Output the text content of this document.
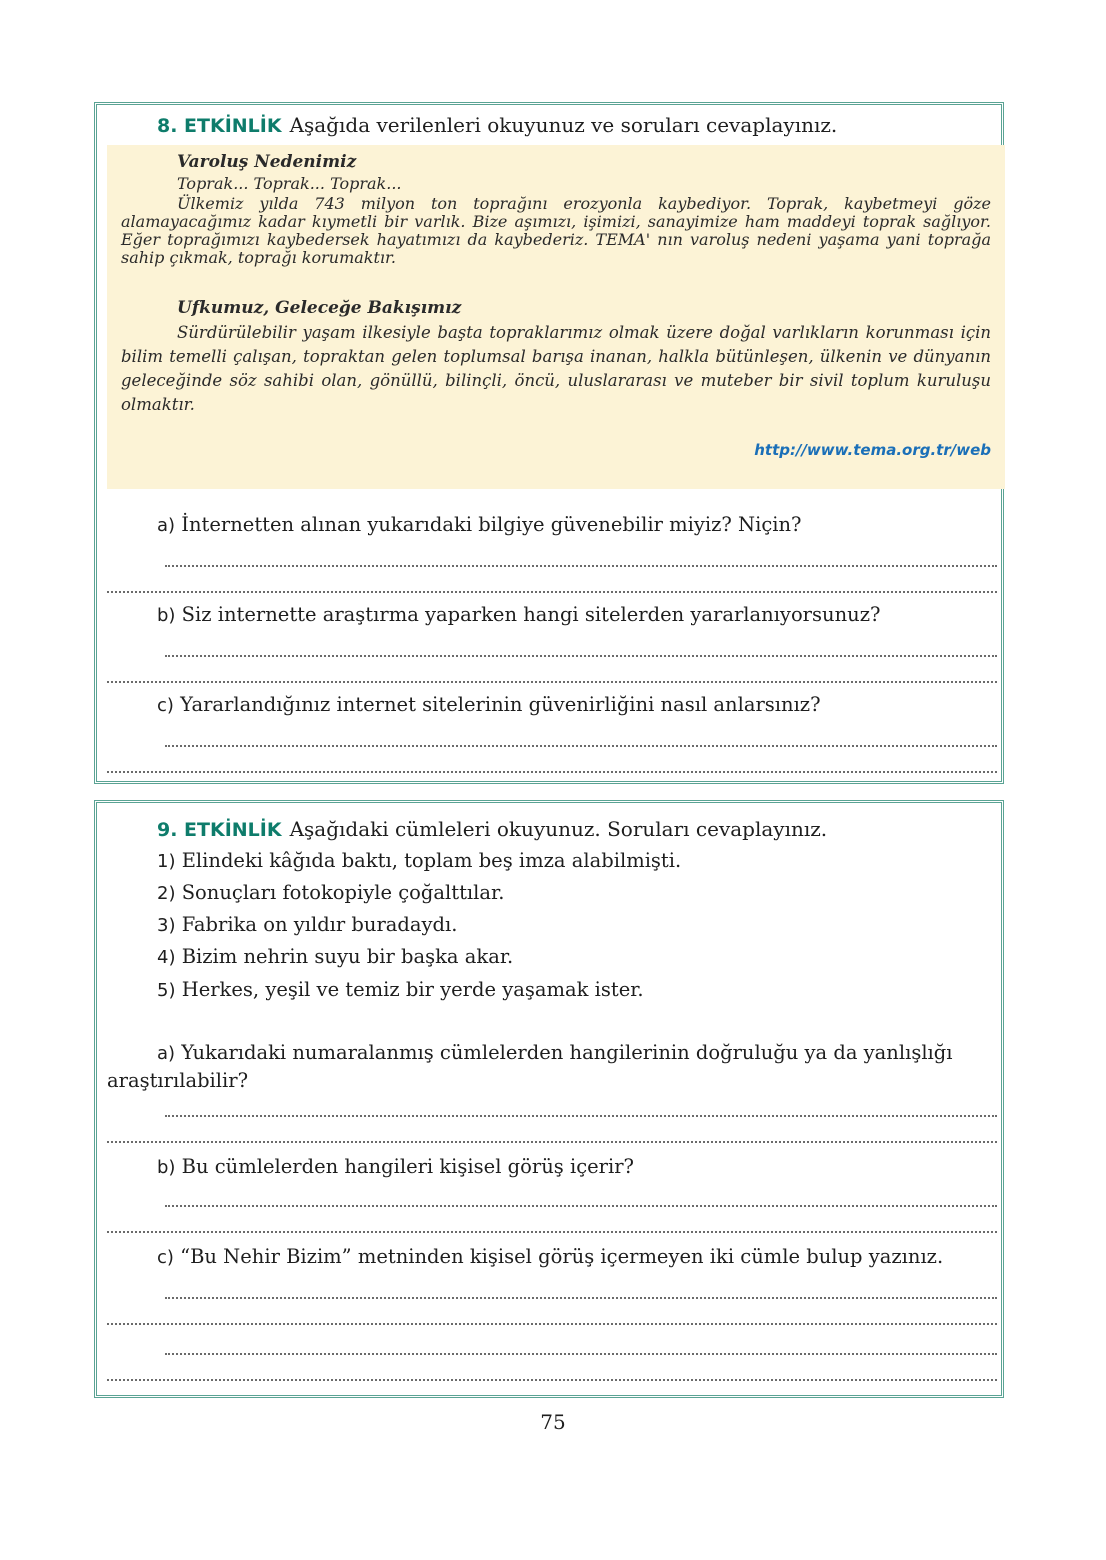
8. ETKİNLİK Aşağıda verilenleri okuyunuz ve soruları cevaplayınız.

Varoluş Nedenimiz

Toprak... Toprak... Toprak...

Ülkemiz yılda 743 milyon ton toprağını erozyonla kaybediyor. Toprak, kaybetmeyi göze alamayacağımız kadar kıymetli bir varlık. Bize aşımızı, işimizi, sanayimize ham maddeyi toprak sağlıyor. Eğer toprağımızı kaybedersek hayatımızı da kaybederiz. TEMA' nın varoluş nedeni yaşama yani toprağa sahip çıkmak, toprağı korumaktır.

Ufkumuz, Geleceğe Bakışımız

Sürdürülebilir yaşam ilkesiyle başta topraklarımız olmak üzere doğal varlıkların korunması için bilim temelli çalışan, topraktan gelen toplumsal barışa inanan, halkla bütünleşen, ülkenin ve dünyanın geleceğinde söz sahibi olan, gönüllü, bilinçli, öncü, uluslararası ve muteber bir sivil toplum kuruluşu olmaktır.

http://www.tema.org.tr/web
a) İnternetten alınan yukarıdaki bilgiye güvenebilir miyiz? Niçin?
b) Siz internette araştırma yaparken hangi sitelerden yararlanıyorsunuz?
c) Yararlandığınız internet sitelerinin güvenirliğini nasıl anlarsınız?
9. ETKİNLİK Aşağıdaki cümleleri okuyunuz. Soruları cevaplayınız.
1) Elindeki kâğıda baktı, toplam beş imza alabilmişti.
2) Sonuçları fotokopiyle çoğalttılar.
3) Fabrika on yıldır buradaydı.
4) Bizim nehrin suyu bir başka akar.
5) Herkes, yeşil ve temiz bir yerde yaşamak ister.
a) Yukarıdaki numaralanmış cümlelerden hangilerinin doğruluğu ya da yanlışlığı araştırılabilir?
b) Bu cümlelerden hangileri kişisel görüş içerir?
c) “Bu Nehir Bizim” metninden kişisel görüş içermeyen iki cümle bulup yazınız.
75
